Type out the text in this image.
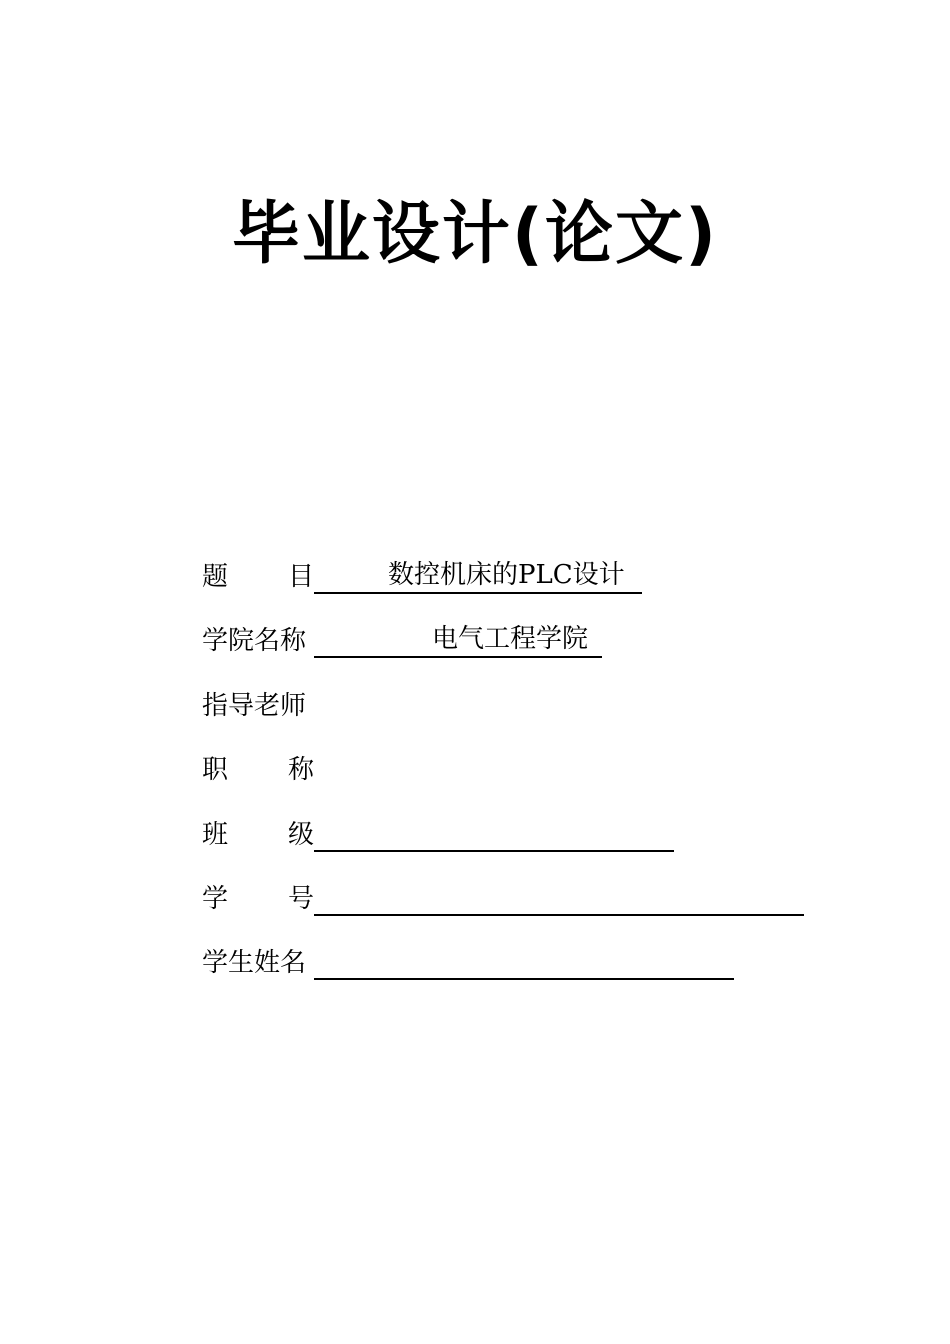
毕业设计(论文)
题 目	数控机床的PLC设计
学院名称	电气工程学院
指导老师
职 称
班 级
学 号
学生姓名
